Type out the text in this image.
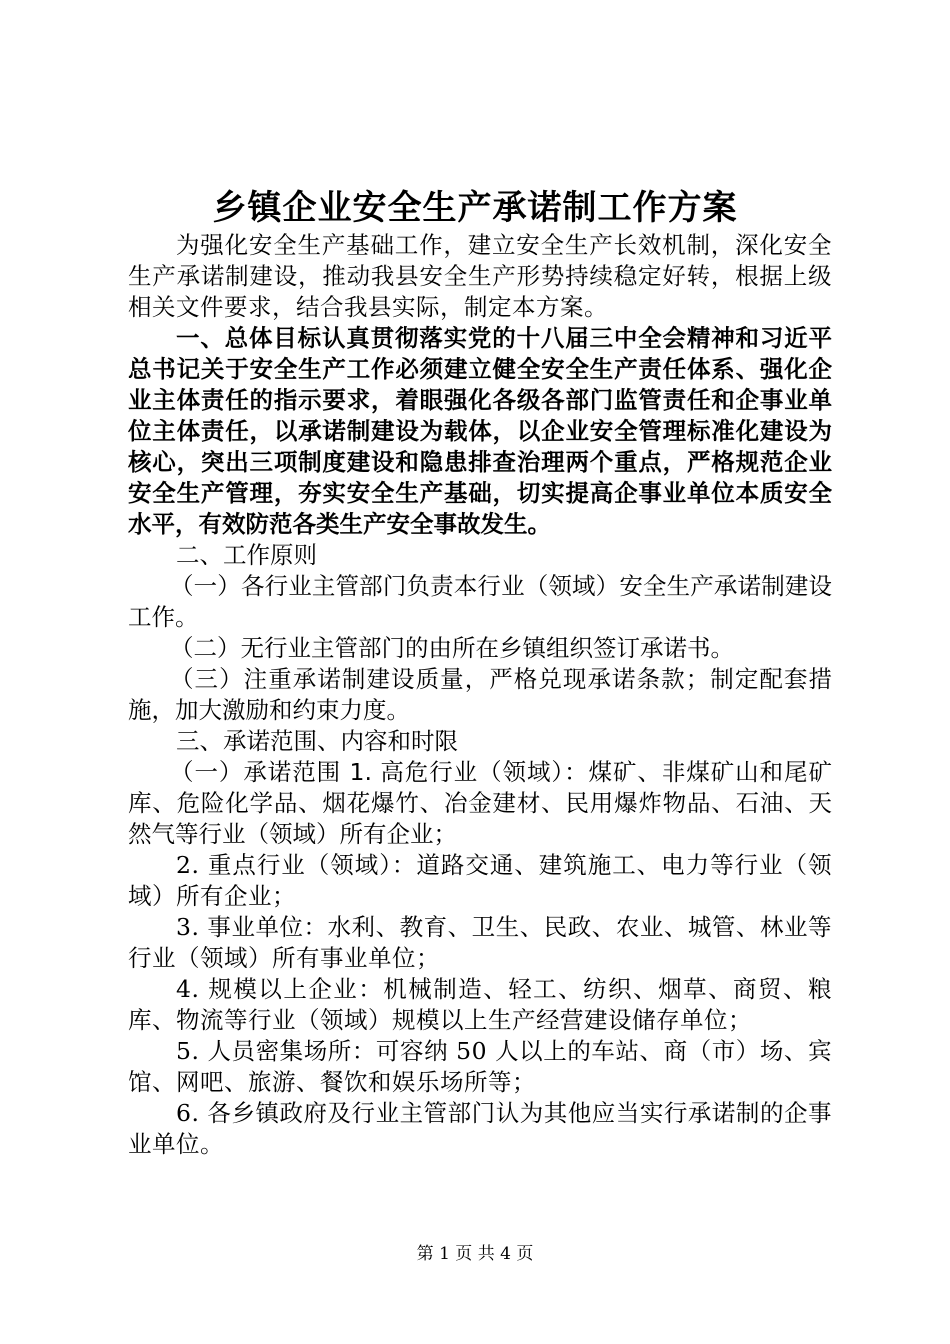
乡镇企业安全生产承诺制工作方案

为强化安全生产基础工作，建立安全生产长效机制，深化安全生产承诺制建设，推动我县安全生产形势持续稳定好转，根据上级相关文件要求，结合我县实际，制定本方案。

一、总体目标认真贯彻落实党的十八届三中全会精神和习近平总书记关于安全生产工作必须建立健全安全生产责任体系、强化企业主体责任的指示要求，着眼强化各级各部门监管责任和企事业单位主体责任，以承诺制建设为载体，以企业安全管理标准化建设为核心，突出三项制度建设和隐患排查治理两个重点，严格规范企业安全生产管理，夯实安全生产基础，切实提高企事业单位本质安全水平，有效防范各类生产安全事故发生。

二、工作原则

（一）各行业主管部门负责本行业（领域）安全生产承诺制建设工作。

（二）无行业主管部门的由所在乡镇组织签订承诺书。

（三）注重承诺制建设质量，严格兑现承诺条款；制定配套措施，加大激励和约束力度。

三、承诺范围、内容和时限

（一）承诺范围 1. 高危行业（领域）：煤矿、非煤矿山和尾矿库、危险化学品、烟花爆竹、冶金建材、民用爆炸物品、石油、天然气等行业（领域）所有企业；

2. 重点行业（领域）：道路交通、建筑施工、电力等行业（领域）所有企业；

3. 事业单位：水利、教育、卫生、民政、农业、城管、林业等行业（领域）所有事业单位；

4. 规模以上企业：机械制造、轻工、纺织、烟草、商贸、粮库、物流等行业（领域）规模以上生产经营建设储存单位；

5. 人员密集场所：可容纳 50 人以上的车站、商（市）场、宾馆、网吧、旅游、餐饮和娱乐场所等；

6. 各乡镇政府及行业主管部门认为其他应当实行承诺制的企事业单位。

第 1 页 共 4 页
